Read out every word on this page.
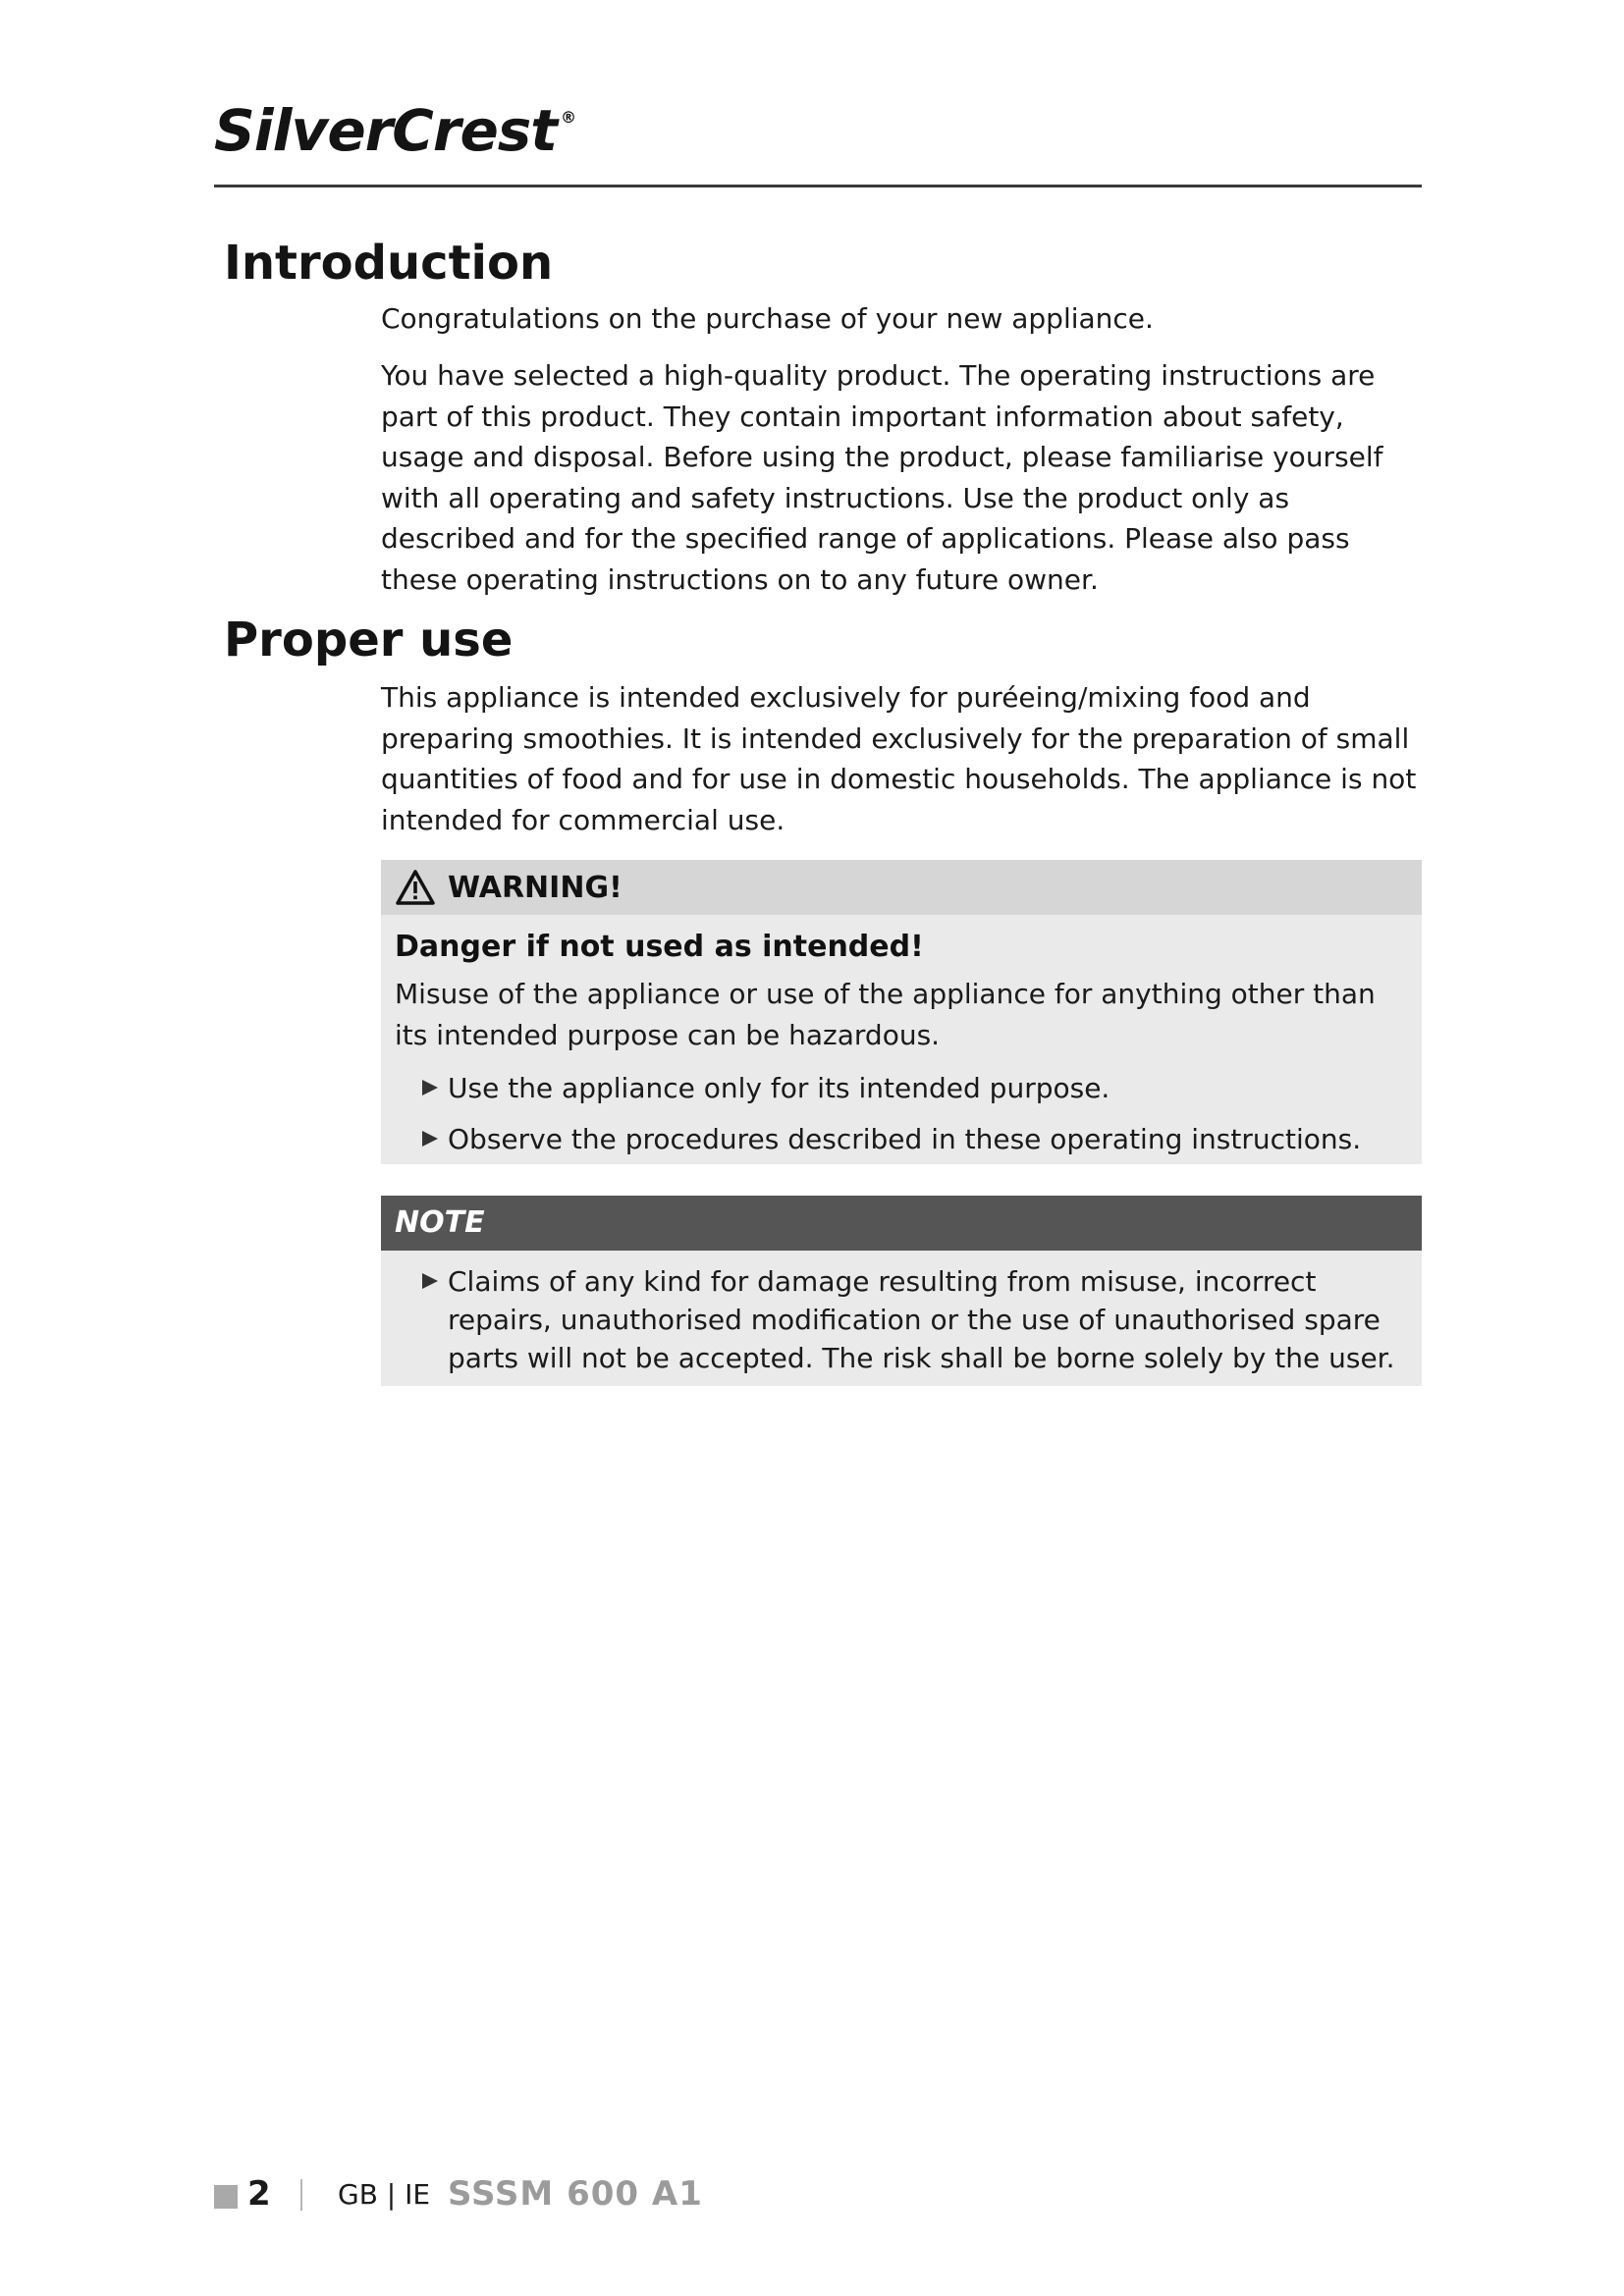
SilverCrest ®
Introduction

Congratulations on the purchase of your new appliance.

You have selected a high-quality product. The operating instructions are part of this product. They contain important information about safety, usage and disposal. Before using the product, please familiarise yourself with all operating and safety instructions. Use the product only as described and for the specified range of applications. Please also pass these operating instructions on to any future owner.

Proper use

This appliance is intended exclusively for puréeing/mixing food and preparing smoothies. It is intended exclusively for the preparation of small quantities of food and for use in domestic households. The appliance is not intended for commercial use.

WARNING!
Danger if not used as intended!

Misuse of the appliance or use of the appliance for anything other than its intended purpose can be hazardous.

Use the appliance only for its intended purpose.
Observe the procedures described in these operating instructions.
NOTE

Claims of any kind for damage resulting from misuse, incorrect repairs, unauthorised modification or the use of unauthorised spare parts will not be accepted. The risk shall be borne solely by the user.

2 GB | IE SSSM 600 A1
